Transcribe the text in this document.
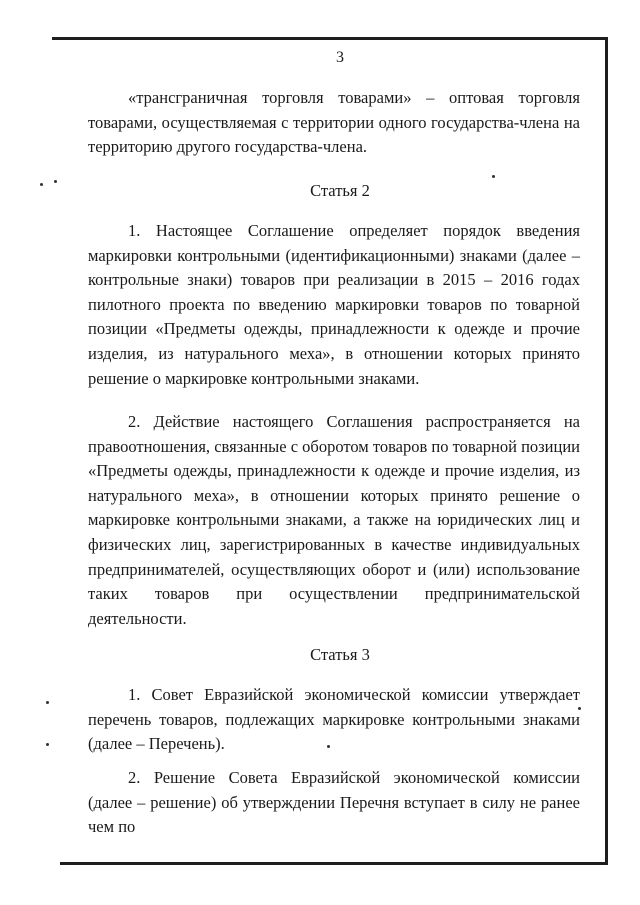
3

«трансграничная торговля товарами» – оптовая торговля товарами, осуществляемая с территории одного государства-члена на территорию другого государства-члена.

Статья 2

1. Настоящее Соглашение определяет порядок введения маркировки контрольными (идентификационными) знаками (далее – контрольные знаки) товаров при реализации в 2015 – 2016 годах пилотного проекта по введению маркировки товаров по товарной позиции «Предметы одежды, принадлежности к одежде и прочие изделия, из натурального меха», в отношении которых принято решение о маркировке контрольными знаками.

2. Действие настоящего Соглашения распространяется на правоотношения, связанные с оборотом товаров по товарной позиции «Предметы одежды, принадлежности к одежде и прочие изделия, из натурального меха», в отношении которых принято решение о маркировке контрольными знаками, а также на юридических лиц и физических лиц, зарегистрированных в качестве индивидуальных предпринимателей, осуществляющих оборот и (или) использование таких товаров при осуществлении предпринимательской деятельности.

Статья 3

1. Совет Евразийской экономической комиссии утверждает перечень товаров, подлежащих маркировке контрольными знаками (далее – Перечень).

2. Решение Совета Евразийской экономической комиссии (далее – решение) об утверждении Перечня вступает в силу не ранее чем по
